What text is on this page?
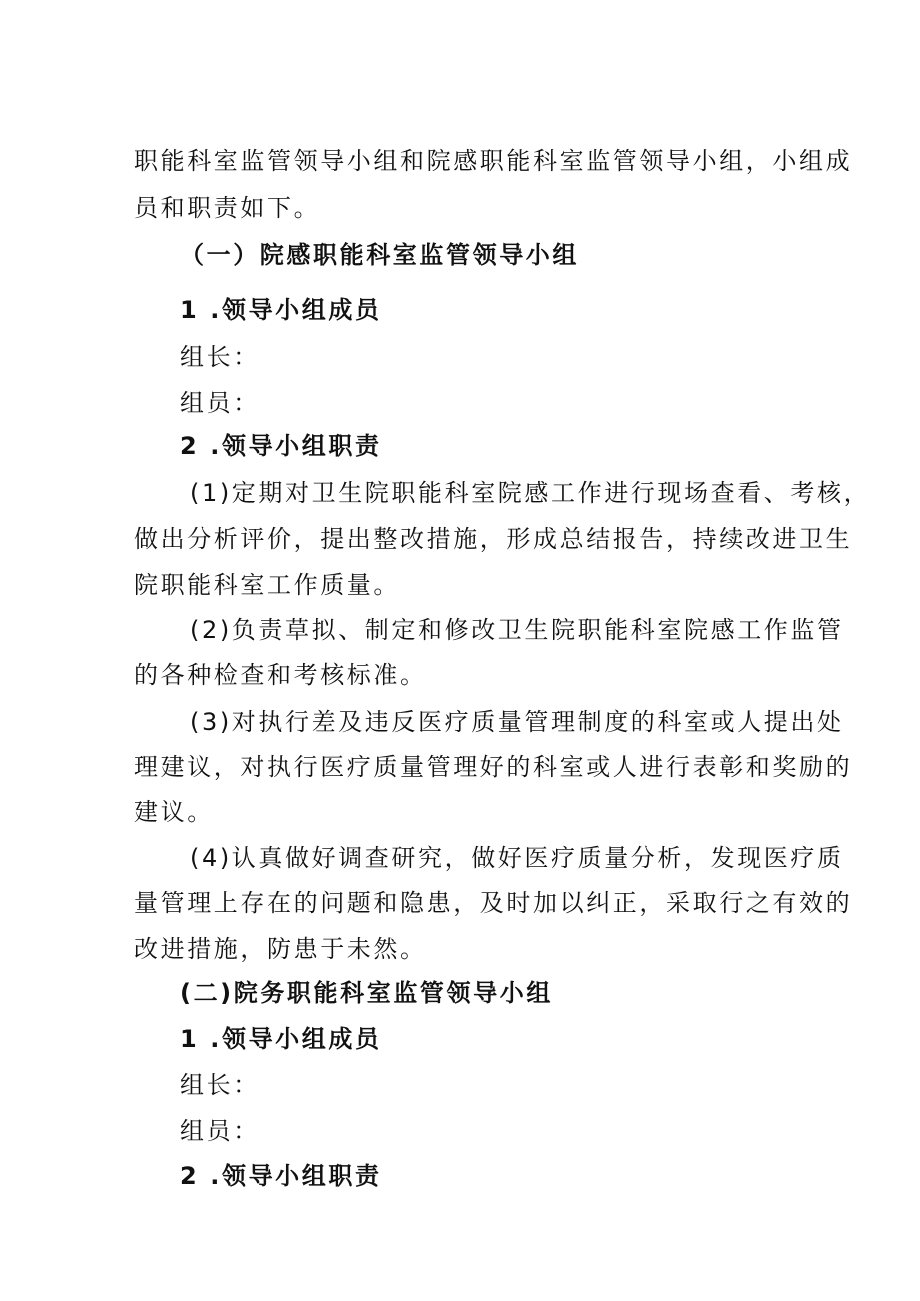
职能科室监管领导小组和院感职能科室监管领导小组，小组成
员和职责如下。
（一）院感职能科室监管领导小组
1 .领导小组成员
组长：
组员：
2 .领导小组职责
(1)定期对卫生院职能科室院感工作进行现场查看、考核，
做出分析评价，提出整改措施，形成总结报告，持续改进卫生
院职能科室工作质量。
(2)负责草拟、制定和修改卫生院职能科室院感工作监管
的各种检查和考核标准。
(3)对执行差及违反医疗质量管理制度的科室或人提出处
理建议，对执行医疗质量管理好的科室或人进行表彰和奖励的
建议。
(4)认真做好调查研究，做好医疗质量分析，发现医疗质
量管理上存在的问题和隐患，及时加以纠正，采取行之有效的
改进措施，防患于未然。
(二)院务职能科室监管领导小组
1 .领导小组成员
组长：
组员：
2 .领导小组职责
